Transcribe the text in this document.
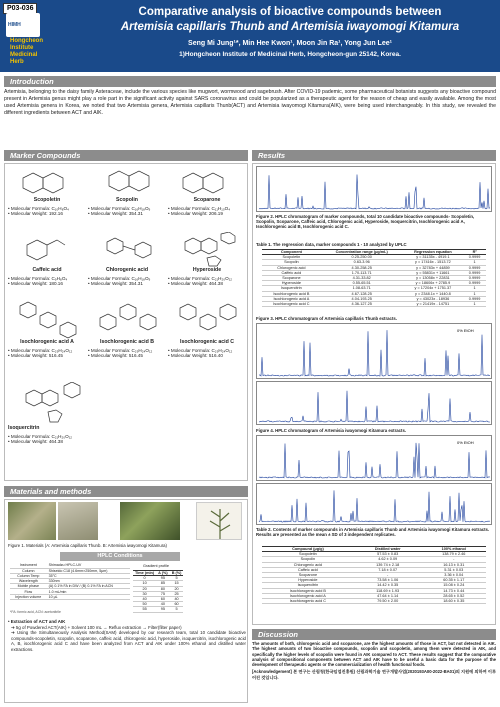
P03-036
HIMH
Hongcheon
Institute
Medicinal
Herb
Comparative analysis of bioactive compounds between
Artemisia capillaris Thunb and Artemisia iwayomogi Kitamura
Seng Mi Jung¹*, Min Hee Kwon¹, Moon Jin Ra¹, Yong Jun Lee¹
1)Hongcheon Institute of Medicinal Herb, Hongcheon-gun 25142, Korea.
Introduction
Artemisia, belonging to the daisy family Asteraceae, include the various species like mugwort, wormwood and sagebrush. After COVID-19 pademic, some pharmaceutical botanists suggests any bioactive compound present in Artemisia genus might play a role part in the significant activity against SARS coronavirus and could be popularized as a therapeutic agent for the reason of cheap and easily available. Among the most used Artemisia genera in Korea, we noted that two Artemisia genera, Artemisia capillaris Thunb(ACT) and Artemisia iwayomogi Kitamura(AIK), were being used interchangeably. In this study, we revealed the different ingredients between ACT and AIK.
Marker Compounds
Scopoletin
• Molecular Formula: C₁₀H₈O₄
• Molecular Weight: 192.16
Scopolin
• Molecular Formula: C₁₆H₁₈O₉
• Molecular Weight: 354.31
Scoparone
• Molecular Formula: C₁₁H₁₀O₄
• Molecular Weight: 206.19
Caffeic acid
• Molecular Formula: C₉H₈O₄
• Molecular Weight: 180.16
Chlorogenic acid
• Molecular Formula: C₁₆H₁₈O₉
• Molecular Weight: 354.31
Hyperoside
• Molecular Formula: C₂₁H₂₀O₁₂
• Molecular Weight: 464.38
Isochlorogenic acid A
• Molecular Formula: C₂₅H₂₄O₁₂
• Molecular Weight: 516.45
Isochlorogenic acid B
• Molecular Formula: C₂₅H₂₄O₁₂
• Molecular Weight: 516.45
Isochlorogenic acid C
• Molecular Formula: C₂₅H₂₄O₁₂
• Molecular Weight: 516.40
Isoquercitrin
• Molecular Formula: C₂₁H₂₀O₁₂
• Molecular Weight: 464.38
Materials and methods
Figure 1. Materials (A: Artemisia capillaris Thunb. B: Artemisia iwayomogi Kitamura)
HPLC Conditions
Instrument	Shimadzu HPLC-UV
Column	Shiseido C18 (4.6mm×250mm, 5μm)
Column Temp	35°C
Wavelength	330nm
Mobile phase	(A) 0.1% FA in DW / (B) 0.1% FA in ACN
Flow	1.0 mL/min
Injection volume	10 μL
Gradient profile
Time (min)	A (%)	B (%)
0	95	5
10	85	15
20	80	20
30	75	25
40	60	40
50	40	60
55	95	5
*FA: formic acid, ACN: acetonitrile
• Extraction of ACT and AIK
➔ 5g of Powdered ACT(AIK) + Solvent 100 mL → Reflux extraction → Filter(filter paper)
➔ Using the Simultaneously Analysis Method(SAM) developed by our research team, total 10 candidate bioactive compounds-scopoletin, scopolin, scoparone, caffeic acid, chlorogenic acid, hyperoside, isoquercitrin, isochlorogenic acid A, B, isochlorogenic acid C and have been analyzed from ACT and AIK under 100% ethanol and distilled water extractions.
Results
Figure 2. HPLC chromatogram of marker compounds, total 10 candidate bioactive compounds- Scopoletin, Scopolin, Scoparone, Caffeic acid, Chlorogenic acid, Hyperoside, Isoquercitrin, Isochlorogenic acid A, Isochlorogenic acid B, Isochlorogenic acid C.
Table 1. The regression data, marker compounds 1 - 10 analyzed by UPLC
Component	Concentration range (μg/mL)	Regression equation	R²
Scopoletin	0.25-250.00	y = 31135x - 4919.1	0.9999
Scopolin	0.63-3.96	y = 17416x - 1513.72	1
Chlorogenic acid	4.30-258.25	y = 32783x + 44859	0.9999
Caffeic acid	1.70-113.71	y = 55831x + 11661	0.9999
Scoparone	4.31-33.82	y = 13058x + 22831	0.9999
Hyperoside	0.55-65.51	y = 18606x + 2785.9	0.9999
Isoquercitrin	1.08-63.71	y = 17204x + 1751.37	1
Isochlorogenic acid B	4.67-128.25	y = 2348.1x + 1440.8	1
Isochlorogenic acid A	4.04-193.25	y = 43023x - 18936	0.9999
Isochlorogenic acid C	4.36-127.25	y = 21419x - 14751	1
Figure 3. HPLC chromatogram of Artemisia capillaris Thunb extracts.
0% EtOH
Figure 4. HPLC chromatogram of Artemisia iwayomogi Kitamura extracts.
0% EtOH
Table 2. Contents of marker compounds in Artemisia capillaris Thunb and Artemisia iwayomogi Kitamura extracts. Results are presented as the mean ± SD of 3 independent replicates.
Compound (μg/g)	Distilled water	100% ethanol
Scopoletin	57.53 ± 0.83	138.79 ± 2.46
Scopolin	4.62 ± 0.09	-
Chlorogenic acid	139.74 ± 2.18	16.13 ± 0.31
Caffeic acid	7.18 ± 0.07	5.31 ± 0.03
Scoparone	-	3.36 ± 0.04
Hyperoside	73.58 ± 1.06	60.35 ± 1.17
Isoquercitrin	14.42 ± 0.35	15.08 ± 0.24
Isochlorogenic acid B	118.69 ± 1.93	14.73 ± 0.44
Isochlorogenic acid A	47.64 ± 1.14	28.65 ± 0.52
Isochlorogenic acid C	79.50 ± 2.00	18.60 ± 0.35
Discussion
The amounts of both, chlorogenic acid and scoparone, are the highest amounts of those in ACT, but not detected in AIK. The highest amounts of two bioactive compounds, scopolin and scopoletin, among them were detected in AIK, and specifically the higher levels of scopolin were found in AIK compared to ACT. These results suggest that the comparative analysis of compositional components between ACT and AIK have to be useful a basic data for the purpose of the development of therapeutic agents or the commercialization of health functional foods.
[Acknowledgement] 본 연구는 산림청(한국임업진흥원) 산림과학기술 연구개발사업(2020193A00-2022-BA01)의 지원에 의하여 이루어진 것입니다.
